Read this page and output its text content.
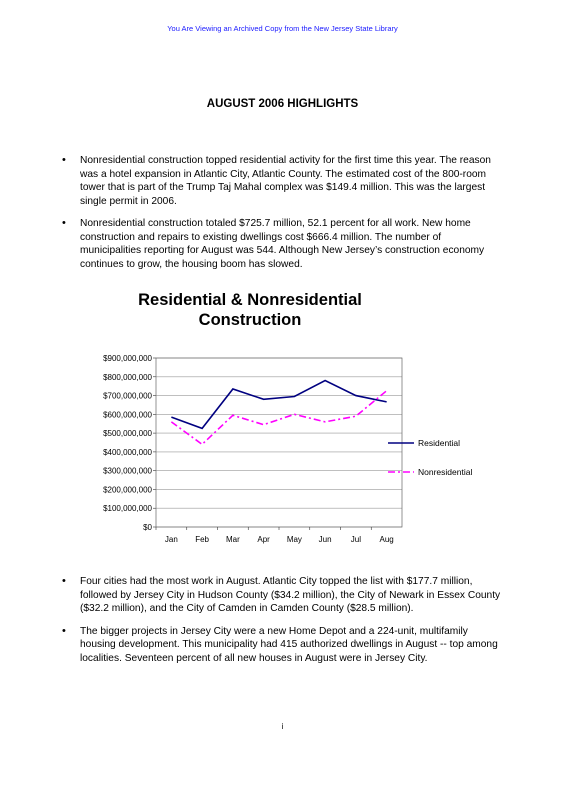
You Are Viewing an Archived Copy from the New Jersey State Library
AUGUST 2006 HIGHLIGHTS
• Nonresidential construction topped residential activity for the first time this year. The reason was a hotel expansion in Atlantic City, Atlantic County. The estimated cost of the 800-room tower that is part of the Trump Taj Mahal complex was $149.4 million. This was the largest single permit in 2006.
• Nonresidential construction totaled $725.7 million, 52.1 percent for all work. New home construction and repairs to existing dwellings cost $666.4 million. The number of municipalities reporting for August was 544. Although New Jersey’s construction economy continues to grow, the housing boom has slowed.
Residential & Nonresidential
Construction
$0
$100,000,000
$200,000,000
$300,000,000
$400,000,000
$500,000,000
$600,000,000
$700,000,000
$800,000,000
$900,000,000
Jan Feb Mar Apr May Jun Jul Aug
Residential
Nonresidential
• Four cities had the most work in August. Atlantic City topped the list with $177.7 million, followed by Jersey City in Hudson County ($34.2 million), the City of Newark in Essex County ($32.2 million), and the City of Camden in Camden County ($28.5 million).
• The bigger projects in Jersey City were a new Home Depot and a 224-unit, multifamily housing development. This municipality had 415 authorized dwellings in August -- top among localities. Seventeen percent of all new houses in August were in Jersey City.
i
